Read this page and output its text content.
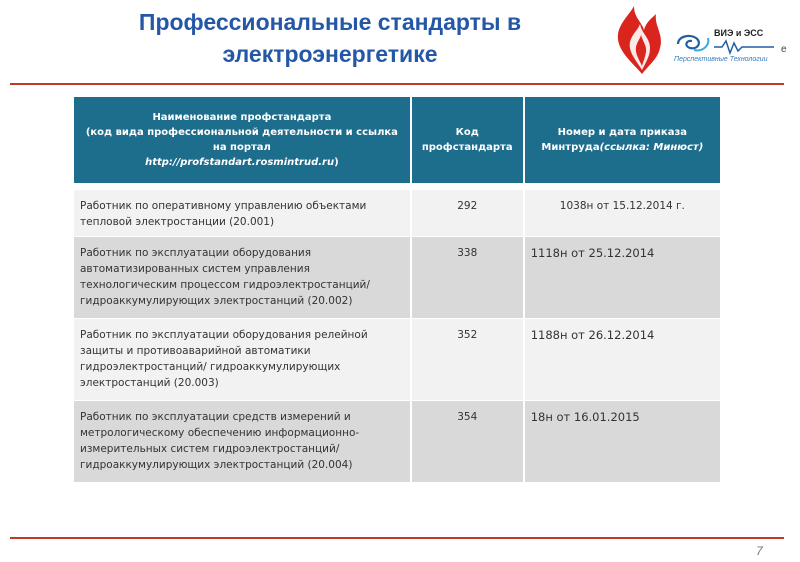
Профессиональные стандарты в электроэнергетике
ВИЭ и ЭСС
Перспективные Технологии
е
Наименование профстандарта
(код вида профессиональной деятельности и ссылка на портал
http://profstandart.rosmintrud.ru)	Код профстандарта	Номер и дата приказа Минтруда(ссылка: Минюст)

Работник по оперативному управлению объектами тепловой электростанции (20.001)	292	1038н от 15.12.2014 г.
Работник по эксплуатации оборудования автоматизированных систем управления технологическим процессом гидроэлектростанций/ гидроаккумулирующих электростанций (20.002)	338	1118н от 25.12.2014
Работник по эксплуатации оборудования релейной защиты и противоаварийной автоматики гидроэлектростанций/ гидроаккумулирующих электростанций (20.003)	352	1188н от 26.12.2014
Работник по эксплуатации средств измерений и метрологическому обеспечению информационно-измерительных систем гидроэлектростанций/ гидроаккумулирующих электростанций (20.004)	354	18н от 16.01.2015
7
